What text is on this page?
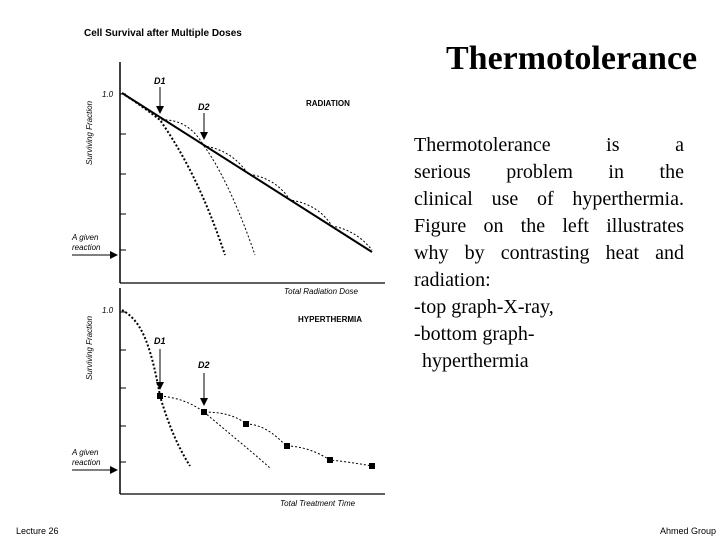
Thermotolerance
Thermotolerance is a
serious problem in the
clinical use of hyperthermia.
Figure on the left illustrates
why by contrasting heat and
radiation:
-top graph-X-ray,
-bottom graph-
hyperthermia
Cell Survival after Multiple Doses
Surviving Fraction
1.0
RADIATION
D1
D2
A given
reaction
Total Radiation Dose
Surviving Fraction
1.0
HYPERTHERMIA
D1
D2
A given
reaction
Total Treatment Time
Lecture 26	Ahmed Group
